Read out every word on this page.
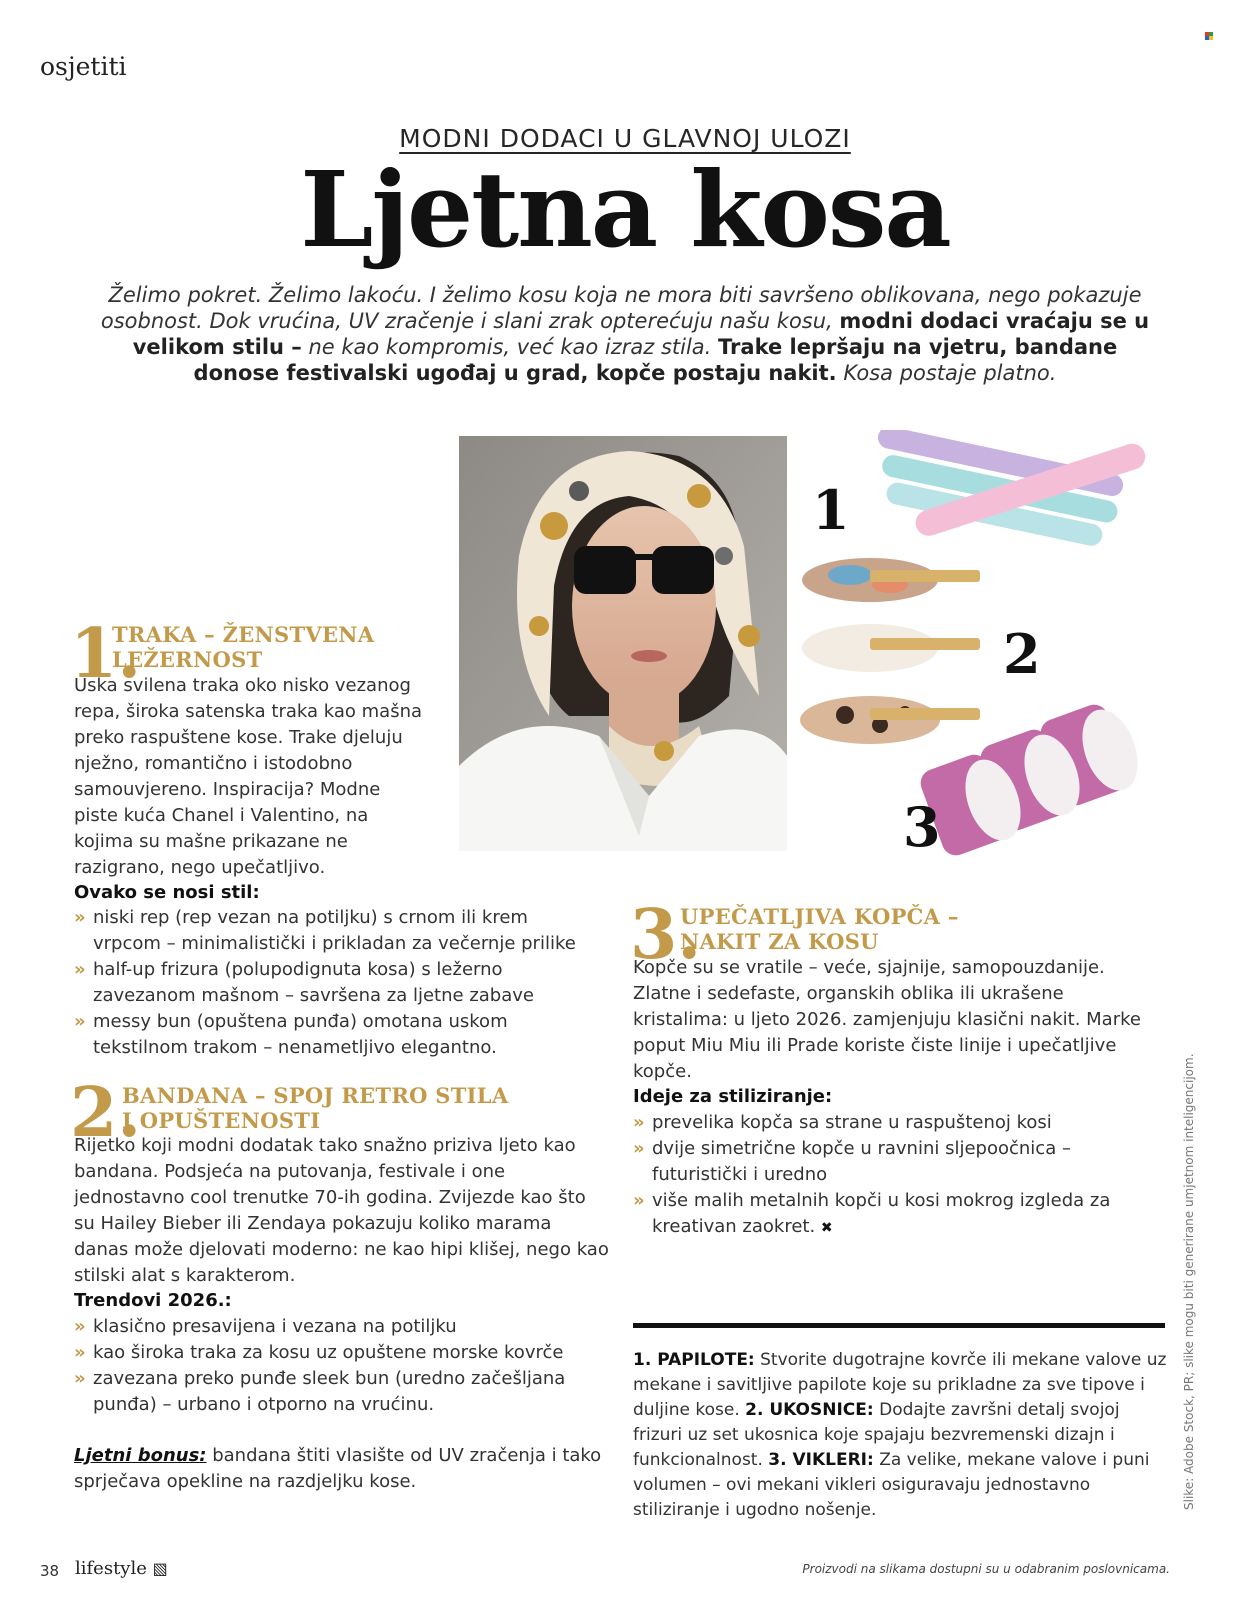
osjetiti
MODNI DODACI U GLAVNOJ ULOZI
Ljetna kosa
Želimo pokret. Želimo lakoću. I želimo kosu koja ne mora biti savršeno oblikovana, nego pokazuje osobnost. Dok vrućina, UV zračenje i slani zrak opterećuju našu kosu, modni dodaci vraćaju se u velikom stilu – ne kao kompromis, već kao izraz stila. Trake lepršaju na vjetru, bandane donose festivalski ugođaj u grad, kopče postaju nakit. Kosa postaje platno.
1
2
3
1.
TRAKA – ŽENSTVENA
LEŽERNOST
Uska svilena traka oko nisko vezanog repa, široka satenska traka kao mašna preko raspuštene kose. Trake djeluju nježno, romantično i istodobno samouvjereno. Inspiracija? Modne piste kuća Chanel i Valentino, na kojima su mašne prikazane ne razigrano, nego upečatljivo.
Ovako se nosi stil:
» niski rep (rep vezan na potiljku) s crnom ili krem vrpcom – minimalistički i prikladan za večernje prilike
» half-up frizura (polupodignuta kosa) s ležerno zavezanom mašnom – savršena za ljetne zabave
» messy bun (opuštena punđa) omotana uskom tekstilnom trakom – nenametljivo elegantno.
2.
BANDANA – SPOJ RETRO STILA
I OPUŠTENOSTI
Rijetko koji modni dodatak tako snažno priziva ljeto kao bandana. Podsjeća na putovanja, festivale i one jednostavno cool trenutke 70-ih godina. Zvijezde kao što su Hailey Bieber ili Zendaya pokazuju koliko marama danas može djelovati moderno: ne kao hipi klišej, nego kao stilski alat s karakterom.
Trendovi 2026.:
» klasično presavijena i vezana na potiljku
» kao široka traka za kosu uz opuštene morske kovrče
» zavezana preko punđe sleek bun (uredno začešljana punđa) – urbano i otporno na vrućinu.
Ljetni bonus: bandana štiti vlasište od UV zračenja i tako sprječava opekline na razdjeljku kose.
3.
UPEČATLJIVA KOPČA –
NAKIT ZA KOSU
Kopče su se vratile – veće, sjajnije, samopouzdanije. Zlatne i sedefaste, organskih oblika ili ukrašene kristalima: u ljeto 2026. zamjenjuju klasični nakit. Marke poput Miu Miu ili Prade koriste čiste linije i upečatljive kopče.
Ideje za stiliziranje:
» prevelika kopča sa strane u raspuštenoj kosi
» dvije simetrične kopče u ravnini sljepoočnica – futuristički i uredno
» više malih metalnih kopči u kosi mokrog izgleda za kreativan zaokret. ✖
1. PAPILOTE: Stvorite dugotrajne kovrče ili mekane valove uz mekane i savitljive papilote koje su prikladne za sve tipove i duljine kose. 2. UKOSNICE: Dodajte završni detalj svojoj frizuri uz set ukosnica koje spajaju bezvremenski dizajn i funkcionalnost. 3. VIKLERI: Za velike, mekane valove i puni volumen – ovi mekani vikleri osiguravaju jednostavno stiliziranje i ugodno nošenje.	Slike: Adobe Stock, PR; slike mogu biti generirane umjetnom inteligencijom.
38 lifestyle ▧	Proizvodi na slikama dostupni su u odabranim poslovnicama.
